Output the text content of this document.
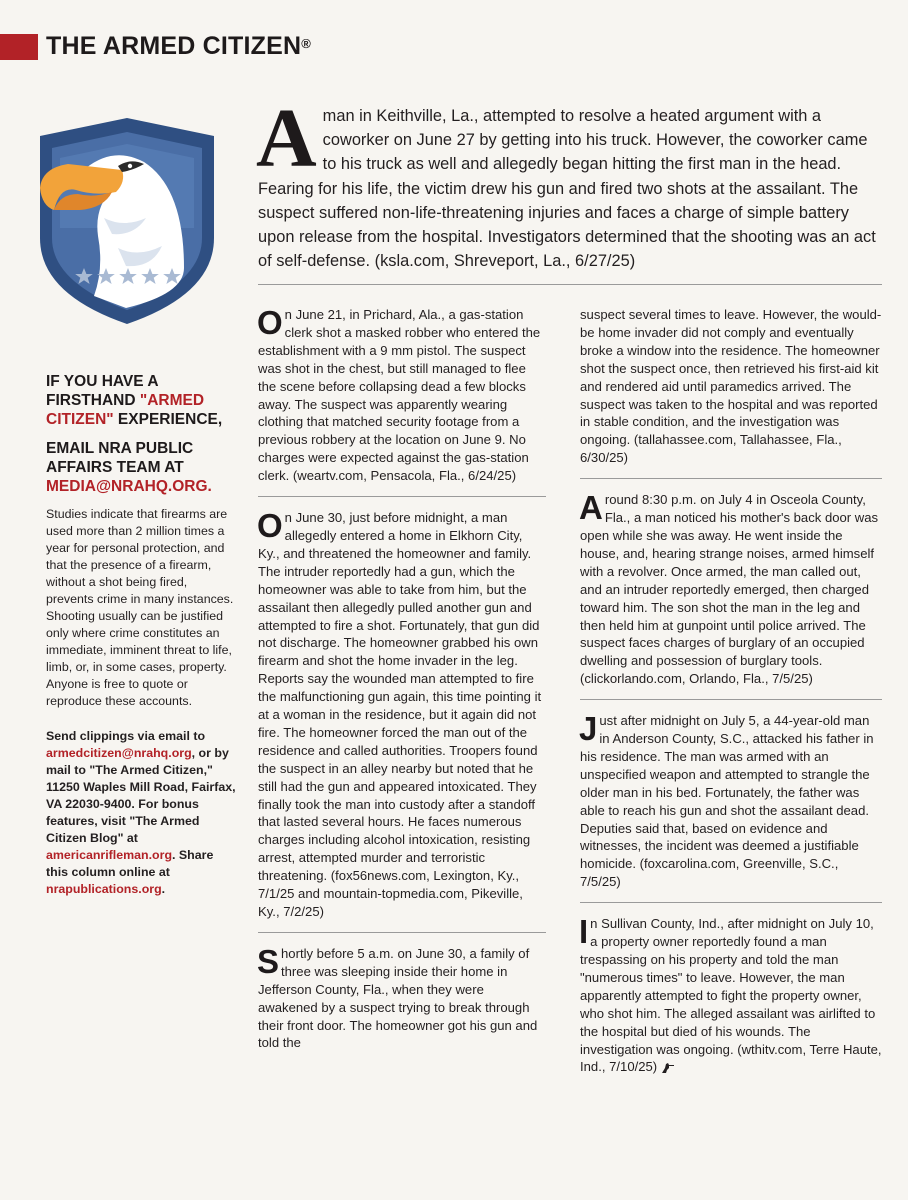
THE ARMED CITIZEN®
Aman in Keithville, La., attempted to resolve a heated argument with a coworker on June 27 by getting into his truck. However, the coworker came to his truck as well and allegedly began hitting the first man in the head. Fearing for his life, the victim drew his gun and fired two shots at the assailant. The suspect suffered non-life-threatening injuries and faces a charge of simple battery upon release from the hospital. Investigators determined that the shooting was an act of self-defense. (ksla.com, Shreveport, La., 6/27/25)
IF YOU HAVE A FIRSTHAND "ARMED CITIZEN" EXPERIENCE,
EMAIL NRA PUBLIC AFFAIRS TEAM AT
MEDIA@NRAHQ.ORG.
Studies indicate that firearms are used more than 2 million times a year for personal protection, and that the presence of a firearm, without a shot being fired, prevents crime in many instances. Shooting usually can be justified only where crime constitutes an immediate, imminent threat to life, limb, or, in some cases, property. Anyone is free to quote or reproduce these accounts.
Send clippings via email to armedcitizen@nrahq.org, or by mail to "The Armed Citizen," 11250 Waples Mill Road, Fairfax, VA 22030-9400. For bonus features, visit "The Armed Citizen Blog" at americanrifleman.org. Share this column online at nrapublications.org.

On June 21, in Prichard, Ala., a gas-station clerk shot a masked robber who entered the establishment with a 9 mm pistol. The suspect was shot in the chest, but still managed to flee the scene before collapsing dead a few blocks away. The suspect was apparently wearing clothing that matched security footage from a previous robbery at the location on June 9. No charges were expected against the gas-station clerk. (weartv.com, Pensacola, Fla., 6/24/25)

On June 30, just before midnight, a man allegedly entered a home in Elkhorn City, Ky., and threatened the homeowner and family. The intruder reportedly had a gun, which the homeowner was able to take from him, but the assailant then allegedly pulled another gun and attempted to fire a shot. Fortunately, that gun did not discharge. The homeowner grabbed his own firearm and shot the home invader in the leg. Reports say the wounded man attempted to fire the malfunctioning gun again, this time pointing it at a woman in the residence, but it again did not fire. The homeowner forced the man out of the residence and called authorities. Troopers found the suspect in an alley nearby but noted that he still had the gun and appeared intoxicated. They finally took the man into custody after a standoff that lasted several hours. He faces numerous charges including alcohol intoxication, resisting arrest, attempted murder and terroristic threatening. (fox56news.com, Lexington, Ky., 7/1/25 and mountain-topmedia.com, Pikeville, Ky., 7/2/25)

Shortly before 5 a.m. on June 30, a family of three was sleeping inside their home in Jefferson County, Fla., when they were awakened by a suspect trying to break through their front door. The homeowner got his gun and told the

suspect several times to leave. However, the would-be home invader did not comply and eventually broke a window into the residence. The homeowner shot the suspect once, then retrieved his first-aid kit and rendered aid until paramedics arrived. The suspect was taken to the hospital and was reported in stable condition, and the investigation was ongoing. (tallahassee.com, Tallahassee, Fla., 6/30/25)

Around 8:30 p.m. on July 4 in Osceola County, Fla., a man noticed his mother's back door was open while she was away. He went inside the house, and, hearing strange noises, armed himself with a revolver. Once armed, the man called out, and an intruder reportedly emerged, then charged toward him. The son shot the man in the leg and then held him at gunpoint until police arrived. The suspect faces charges of burglary of an occupied dwelling and possession of burglary tools. (clickorlando.com, Orlando, Fla., 7/5/25)

Just after midnight on July 5, a 44-year-old man in Anderson County, S.C., attacked his father in his residence. The man was armed with an unspecified weapon and attempted to strangle the older man in his bed. Fortunately, the father was able to reach his gun and shot the assailant dead. Deputies said that, based on evidence and witnesses, the incident was deemed a justifiable homicide. (foxcarolina.com, Greenville, S.C., 7/5/25)

In Sullivan County, Ind., after midnight on July 10, a property owner reportedly found a man trespassing on his property and told the man "numerous times" to leave. However, the man apparently attempted to fight the property owner, who shot him. The alleged assailant was airlifted to the hospital but died of his wounds. The investigation was ongoing. (wthitv.com, Terre Haute, Ind., 7/10/25)
